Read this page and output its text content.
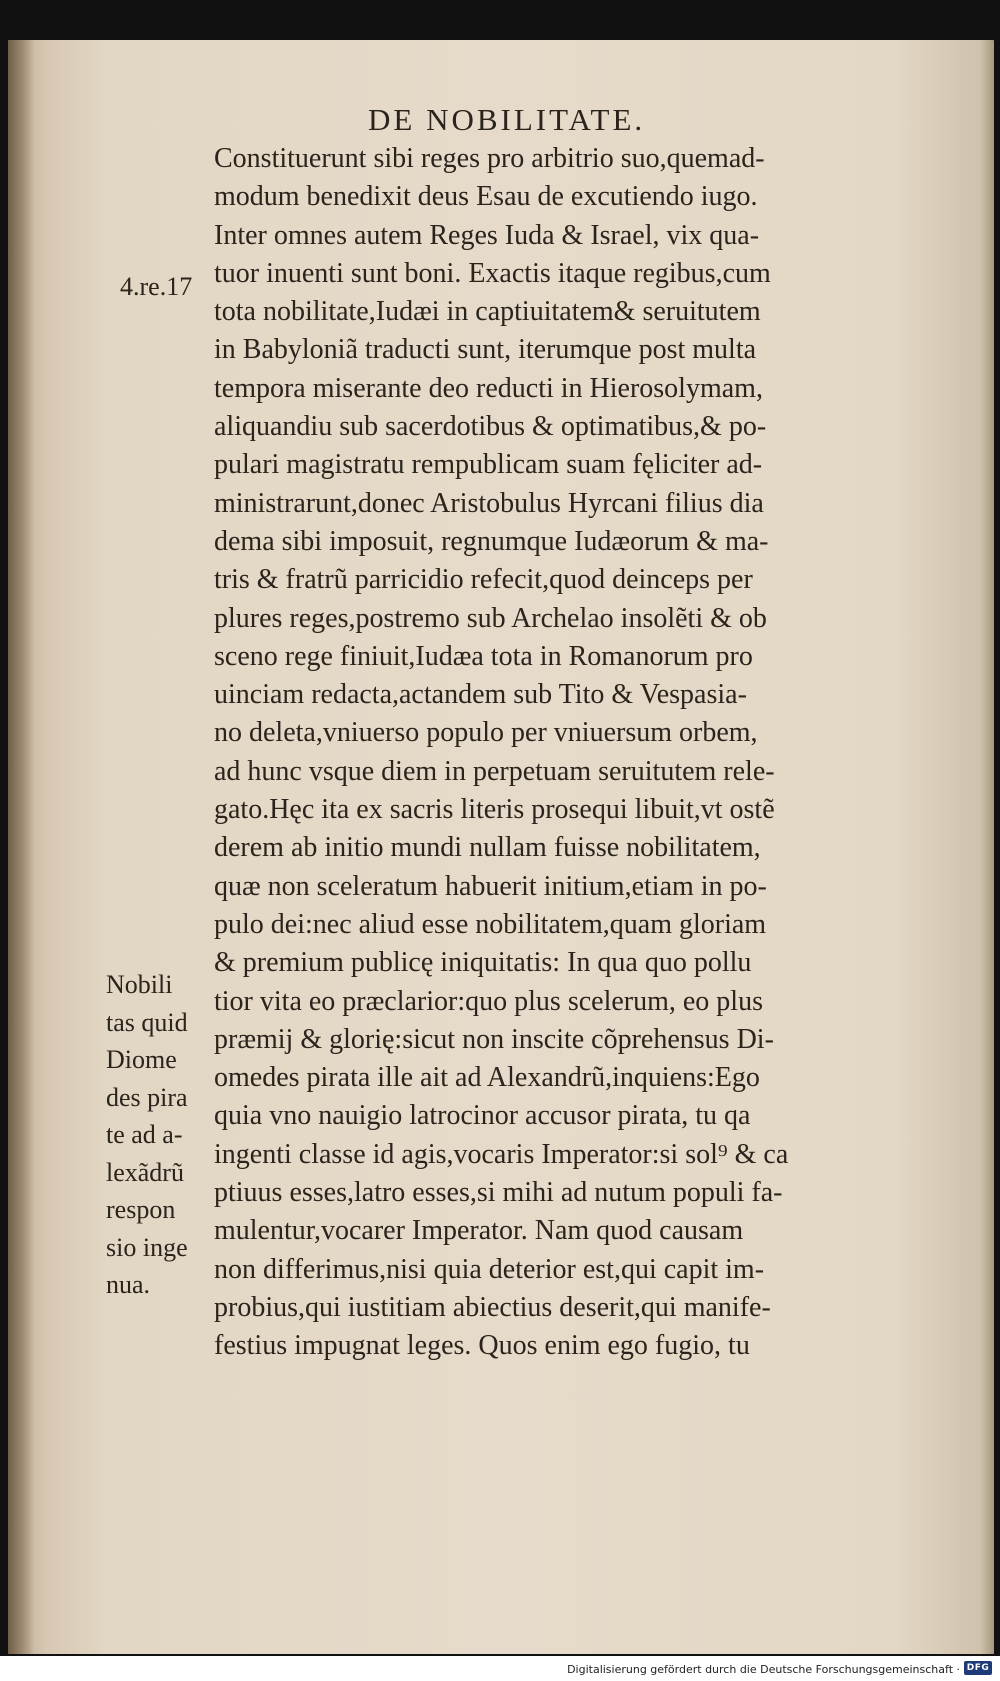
DE NOBILITATE.
4.re.17
Nobili
tas quid
Diome
des pira
te ad a-
lexãdrũ
respon
sio inge
nua.
Constituerunt sibi reges pro arbitrio suo,quemad-
modum benedixit deus Esau de excutiendo iugo.
Inter omnes autem Reges Iuda & Israel, vix qua-
tuor inuenti sunt boni. Exactis itaque regibus,cum
tota nobilitate,Iudæi in captiuitatem& seruitutem
in Babyloniã traducti sunt, iterumque post multa
tempora miserante deo reducti in Hierosolymam,
aliquandiu sub sacerdotibus & optimatibus,& po-
pulari magistratu rempublicam suam fęliciter ad-
ministrarunt,donec Aristobulus Hyrcani filius dia
dema sibi imposuit, regnumque Iudæorum & ma-
tris & fratrũ parricidio refecit,quod deinceps per
plures reges,postremo sub Archelao insolẽti & ob
sceno rege finiuit,Iudæa tota in Romanorum pro
uinciam redacta,actandem sub Tito & Vespasia-
no deleta,vniuerso populo per vniuersum orbem,
ad hunc vsque diem in perpetuam seruitutem rele-
gato.Hęc ita ex sacris literis prosequi libuit,vt ostẽ
derem ab initio mundi nullam fuisse nobilitatem,
quæ non sceleratum habuerit initium,etiam in po-
pulo dei:nec aliud esse nobilitatem,quam gloriam
& premium publicę iniquitatis: In qua quo pollu
tior vita eo præclarior:quo plus scelerum, eo plus
præmij & glorię:sicut non inscite cõprehensus Di-
omedes pirata ille ait ad Alexandrũ,inquiens:Ego
quia vno nauigio latrocinor accusor pirata, tu qa
ingenti classe id agis,vocaris Imperator:si sol⁹ & ca
ptiuus esses,latro esses,si mihi ad nutum populi fa-
mulentur,vocarer Imperator. Nam quod causam
non differimus,nisi quia deterior est,qui capit im-
probius,qui iustitiam abiectius deserit,qui manife-
festius impugnat leges. Quos enim ego fugio, tu
Digitalisierung gefördert durch die Deutsche Forschungsgemeinschaft · DFG
